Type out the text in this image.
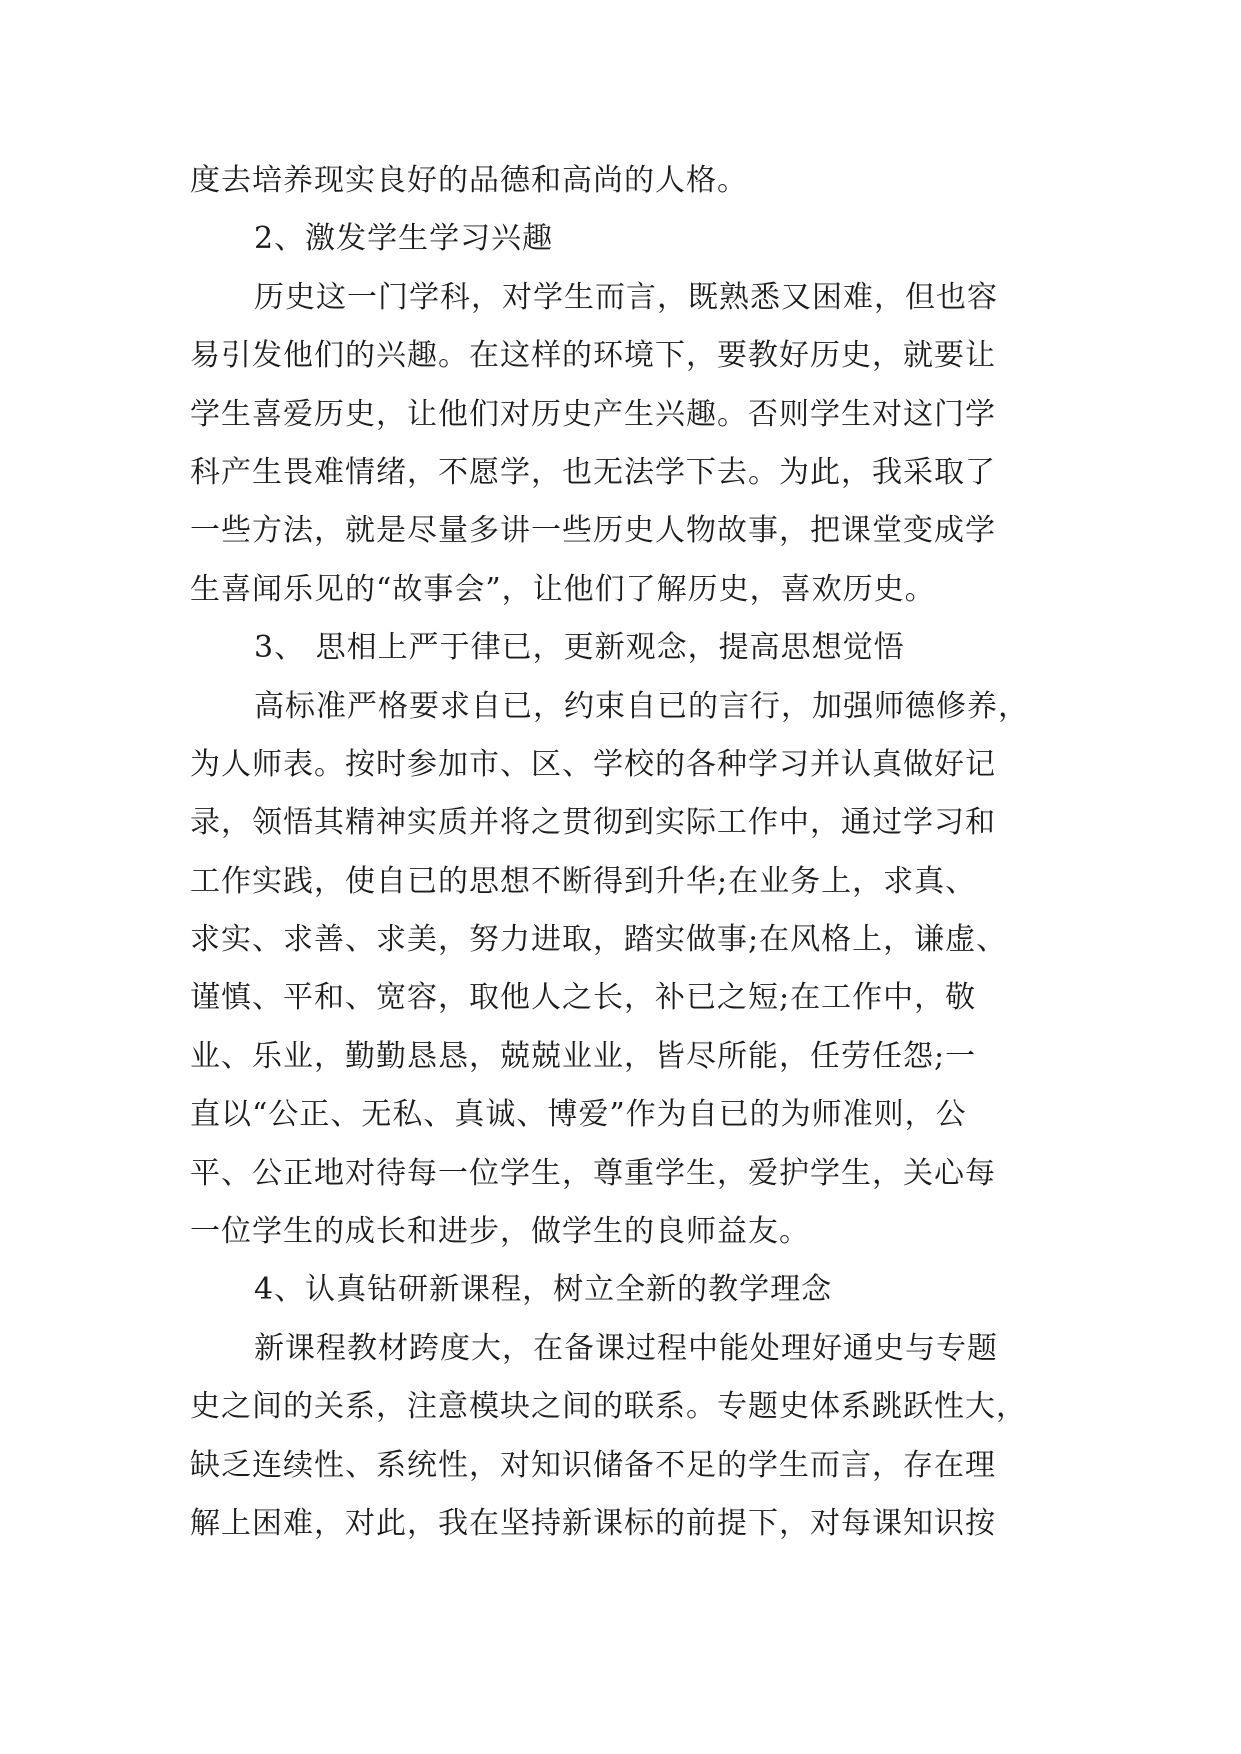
度去培养现实良好的品德和高尚的人格。
2、激发学生学习兴趣
历史这一门学科，对学生而言，既熟悉又困难，但也容
易引发他们的兴趣。在这样的环境下，要教好历史，就要让
学生喜爱历史，让他们对历史产生兴趣。否则学生对这门学
科产生畏难情绪，不愿学，也无法学下去。为此，我采取了
一些方法，就是尽量多讲一些历史人物故事，把课堂变成学
生喜闻乐见的“故事会”，让他们了解历史，喜欢历史。
3、 思相上严于律已，更新观念，提高思想觉悟
高标准严格要求自已，约束自已的言行，加强师德修养，
为人师表。按时参加市、区、学校的各种学习并认真做好记
录，领悟其精神实质并将之贯彻到实际工作中，通过学习和
工作实践，使自已的思想不断得到升华;在业务上，求真、
求实、求善、求美，努力进取，踏实做事;在风格上，谦虚、
谨慎、平和、宽容，取他人之长，补已之短;在工作中，敬
业、乐业，勤勤恳恳，兢兢业业，皆尽所能，任劳任怨;一
直以“公正、无私、真诚、博爱”作为自已的为师准则，公
平、公正地对待每一位学生，尊重学生，爱护学生，关心每
一位学生的成长和进步，做学生的良师益友。
4、认真钻研新课程，树立全新的教学理念
新课程教材跨度大，在备课过程中能处理好通史与专题
史之间的关系，注意模块之间的联系。专题史体系跳跃性大，
缺乏连续性、系统性，对知识储备不足的学生而言，存在理
解上困难，对此，我在坚持新课标的前提下，对每课知识按
